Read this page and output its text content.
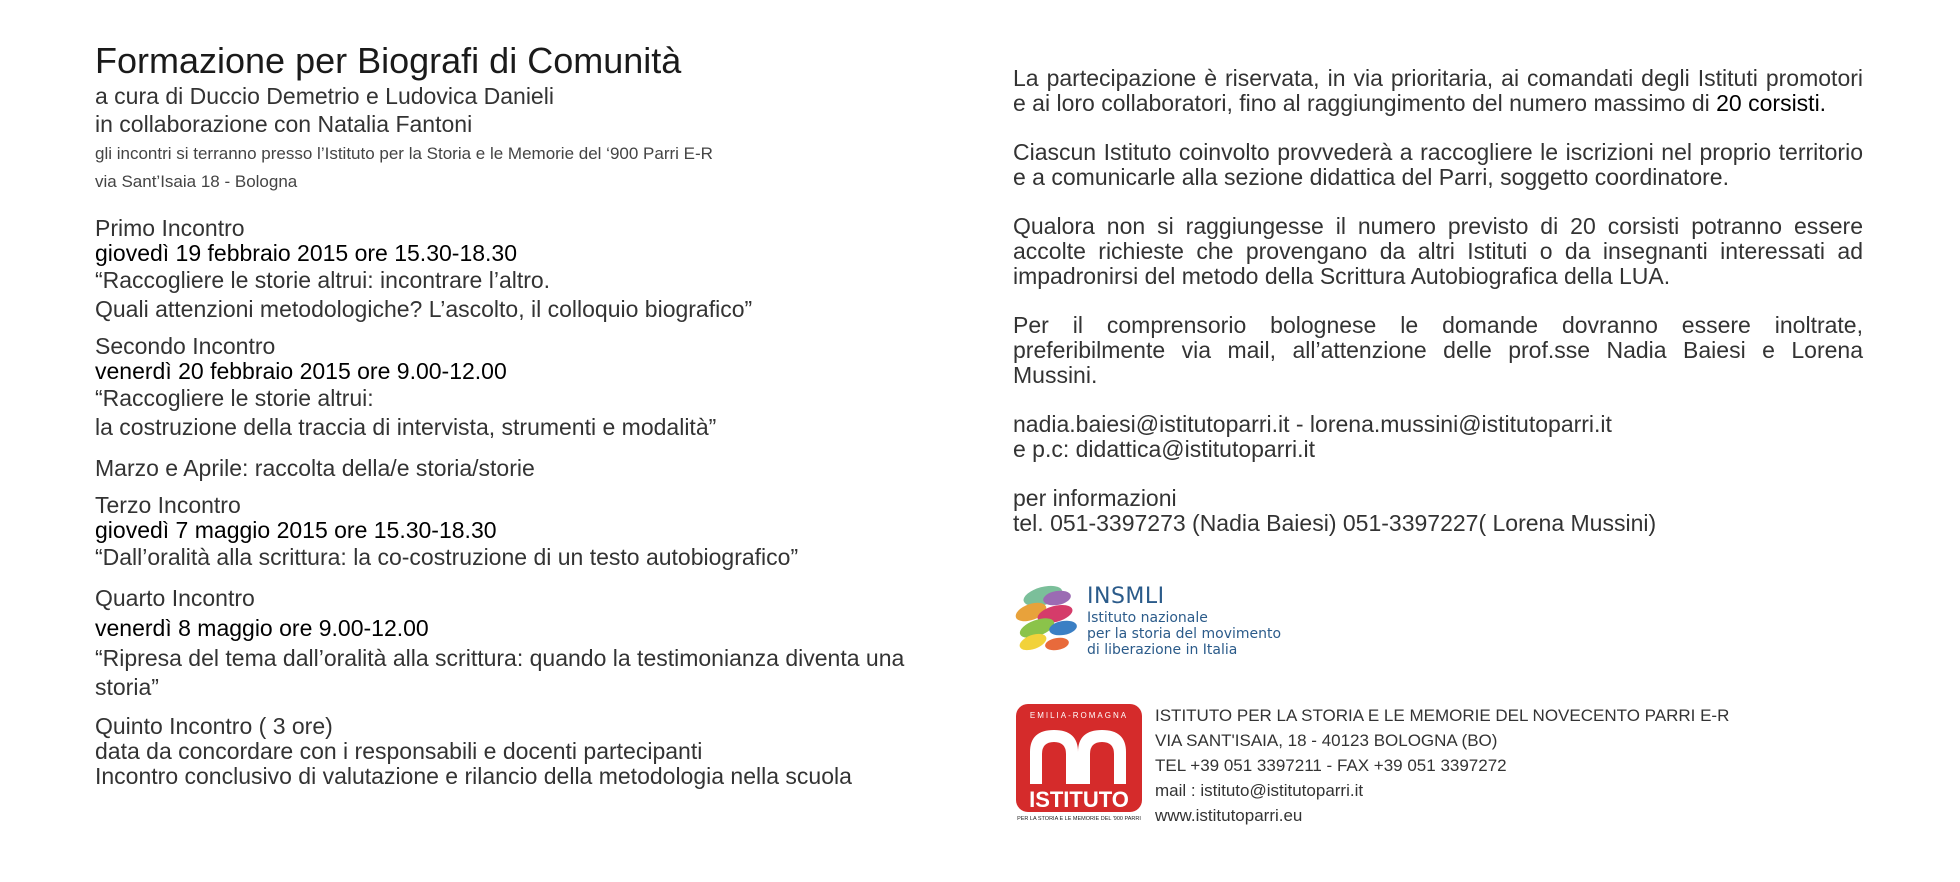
Formazione per Biografi di Comunità
a cura di Duccio Demetrio e Ludovica Danieli
in collaborazione con Natalia Fantoni
gli incontri si terranno presso l’Istituto per la Storia e le Memorie del ‘900 Parri E-R
via Sant’Isaia 18 - Bologna
Primo Incontro
giovedì 19 febbraio 2015 ore 15.30-18.30
“Raccogliere le storie altrui: incontrare l’altro.
Quali attenzioni metodologiche? L’ascolto, il colloquio biografico”
Secondo Incontro
venerdì 20 febbraio 2015 ore 9.00-12.00
“Raccogliere le storie altrui:
la costruzione della traccia di intervista, strumenti e modalità”
Marzo e Aprile: raccolta della/e storia/storie
Terzo Incontro
giovedì 7 maggio 2015 ore 15.30-18.30
“Dall’oralità alla scrittura: la co-costruzione di un testo autobiografico”
Quarto Incontro
venerdì 8 maggio ore 9.00-12.00
“Ripresa del tema dall’oralità alla scrittura: quando la testimonianza diventa una
storia”
Quinto Incontro ( 3 ore)
data da concordare con i responsabili e docenti partecipanti
Incontro conclusivo di valutazione e rilancio della metodologia nella scuola

La partecipazione è riservata, in via prioritaria, ai comandati degli Istituti promotori e ai loro collaboratori, fino al raggiungimento del numero massimo di 20 corsisti.

Ciascun Istituto coinvolto provvederà a raccogliere le iscrizioni nel proprio territorio e a comunicarle alla sezione didattica del Parri, soggetto coordinatore.

Qualora non si raggiungesse il numero previsto di 20 corsisti potranno essere accolte richieste che provengano da altri Istituti o da insegnanti interessati ad impadronirsi del metodo della Scrittura Autobiografica della LUA.

Per il comprensorio bolognese le domande dovranno essere inoltrate, preferibilmente via mail, all’attenzione delle prof.sse Nadia Baiesi e Lorena Mussini.

nadia.baiesi@istitutoparri.it - lorena.mussini@istitutoparri.it
e p.c: didattica@istitutoparri.it
per informazioni
tel. 051-3397273 (Nadia Baiesi) 051-3397227( Lorena Mussini)
INSMLI
Istituto nazionale
per la storia del movimento
di liberazione in Italia
EMILIA-ROMAGNA
ISTITUTO
PER LA STORIA E LE MEMORIE DEL '900 PARRI
ISTITUTO PER LA STORIA E LE MEMORIE DEL NOVECENTO PARRI E-R
VIA SANT'ISAIA, 18 - 40123 BOLOGNA (BO)
TEL +39 051 3397211 - FAX +39 051 3397272
mail : istituto@istitutoparri.it
www.istitutoparri.eu
